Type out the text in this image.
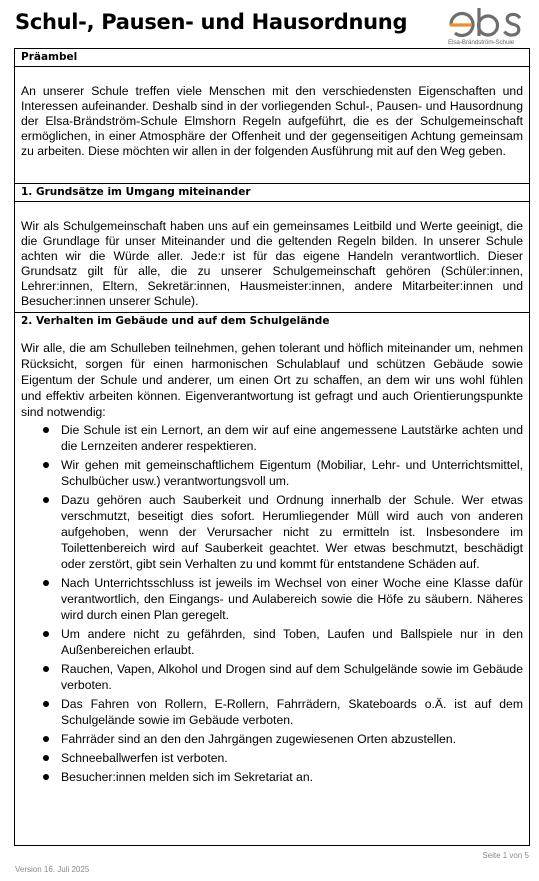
Schul-, Pausen- und Hausordnung
Elsa-Brändström-Schule
Präambel
An unserer Schule treffen viele Menschen mit den verschiedensten Eigenschaften und Interessen aufeinander. Deshalb sind in der vorliegenden Schul-, Pausen- und Hausordnung der Elsa-Brändström-Schule Elmshorn Regeln aufgeführt, die es der Schulgemeinschaft ermöglichen, in einer Atmosphäre der Offenheit und der gegenseitigen Achtung gemeinsam zu arbeiten. Diese möchten wir allen in der folgenden Ausführung mit auf den Weg geben.
1. Grundsätze im Umgang miteinander
Wir als Schulgemeinschaft haben uns auf ein gemeinsames Leitbild und Werte geeinigt, die die Grundlage für unser Miteinander und die geltenden Regeln bilden. In unserer Schule achten wir die Würde aller. Jede:r ist für das eigene Handeln verantwortlich. Dieser Grundsatz gilt für alle, die zu unserer Schulgemeinschaft gehören (Schüler:innen, Lehrer:innen, Eltern, Sekretär:innen, Hausmeister:innen, andere Mitarbeiter:innen und Besucher:innen unserer Schule).
2. Verhalten im Gebäude und auf dem Schulgelände
Wir alle, die am Schulleben teilnehmen, gehen tolerant und höflich miteinander um, nehmen Rücksicht, sorgen für einen harmonischen Schulablauf und schützen Gebäude sowie Eigentum der Schule und anderer, um einen Ort zu schaffen, an dem wir uns wohl fühlen und effektiv arbeiten können. Eigenverantwortung ist gefragt und auch Orientierungspunkte sind notwendig:
Die Schule ist ein Lernort, an dem wir auf eine angemessene Lautstärke achten und die Lernzeiten anderer respektieren.
Wir gehen mit gemeinschaftlichem Eigentum (Mobiliar, Lehr- und Unterrichtsmittel, Schulbücher usw.) verantwortungsvoll um.
Dazu gehören auch Sauberkeit und Ordnung innerhalb der Schule. Wer etwas verschmutzt, beseitigt dies sofort. Herumliegender Müll wird auch von anderen aufgehoben, wenn der Verursacher nicht zu ermitteln ist. Insbesondere im Toilettenbereich wird auf Sauberkeit geachtet. Wer etwas beschmutzt, beschädigt oder zerstört, gibt sein Verhalten zu und kommt für entstandene Schäden auf.
Nach Unterrichtsschluss ist jeweils im Wechsel von einer Woche eine Klasse dafür verantwortlich, den Eingangs- und Aulabereich sowie die Höfe zu säubern. Näheres wird durch einen Plan geregelt.
Um andere nicht zu gefährden, sind Toben, Laufen und Ballspiele nur in den Außenbereichen erlaubt.
Rauchen, Vapen, Alkohol und Drogen sind auf dem Schulgelände sowie im Gebäude verboten.
Das Fahren von Rollern, E-Rollern, Fahrrädern, Skateboards o.Ä. ist auf dem Schulgelände sowie im Gebäude verboten.
Fahrräder sind an den den Jahrgängen zugewiesenen Orten abzustellen.
Schneeballwerfen ist verboten.
Besucher:innen melden sich im Sekretariat an.
Seite 1 von 5
Version 16. Juli 2025
